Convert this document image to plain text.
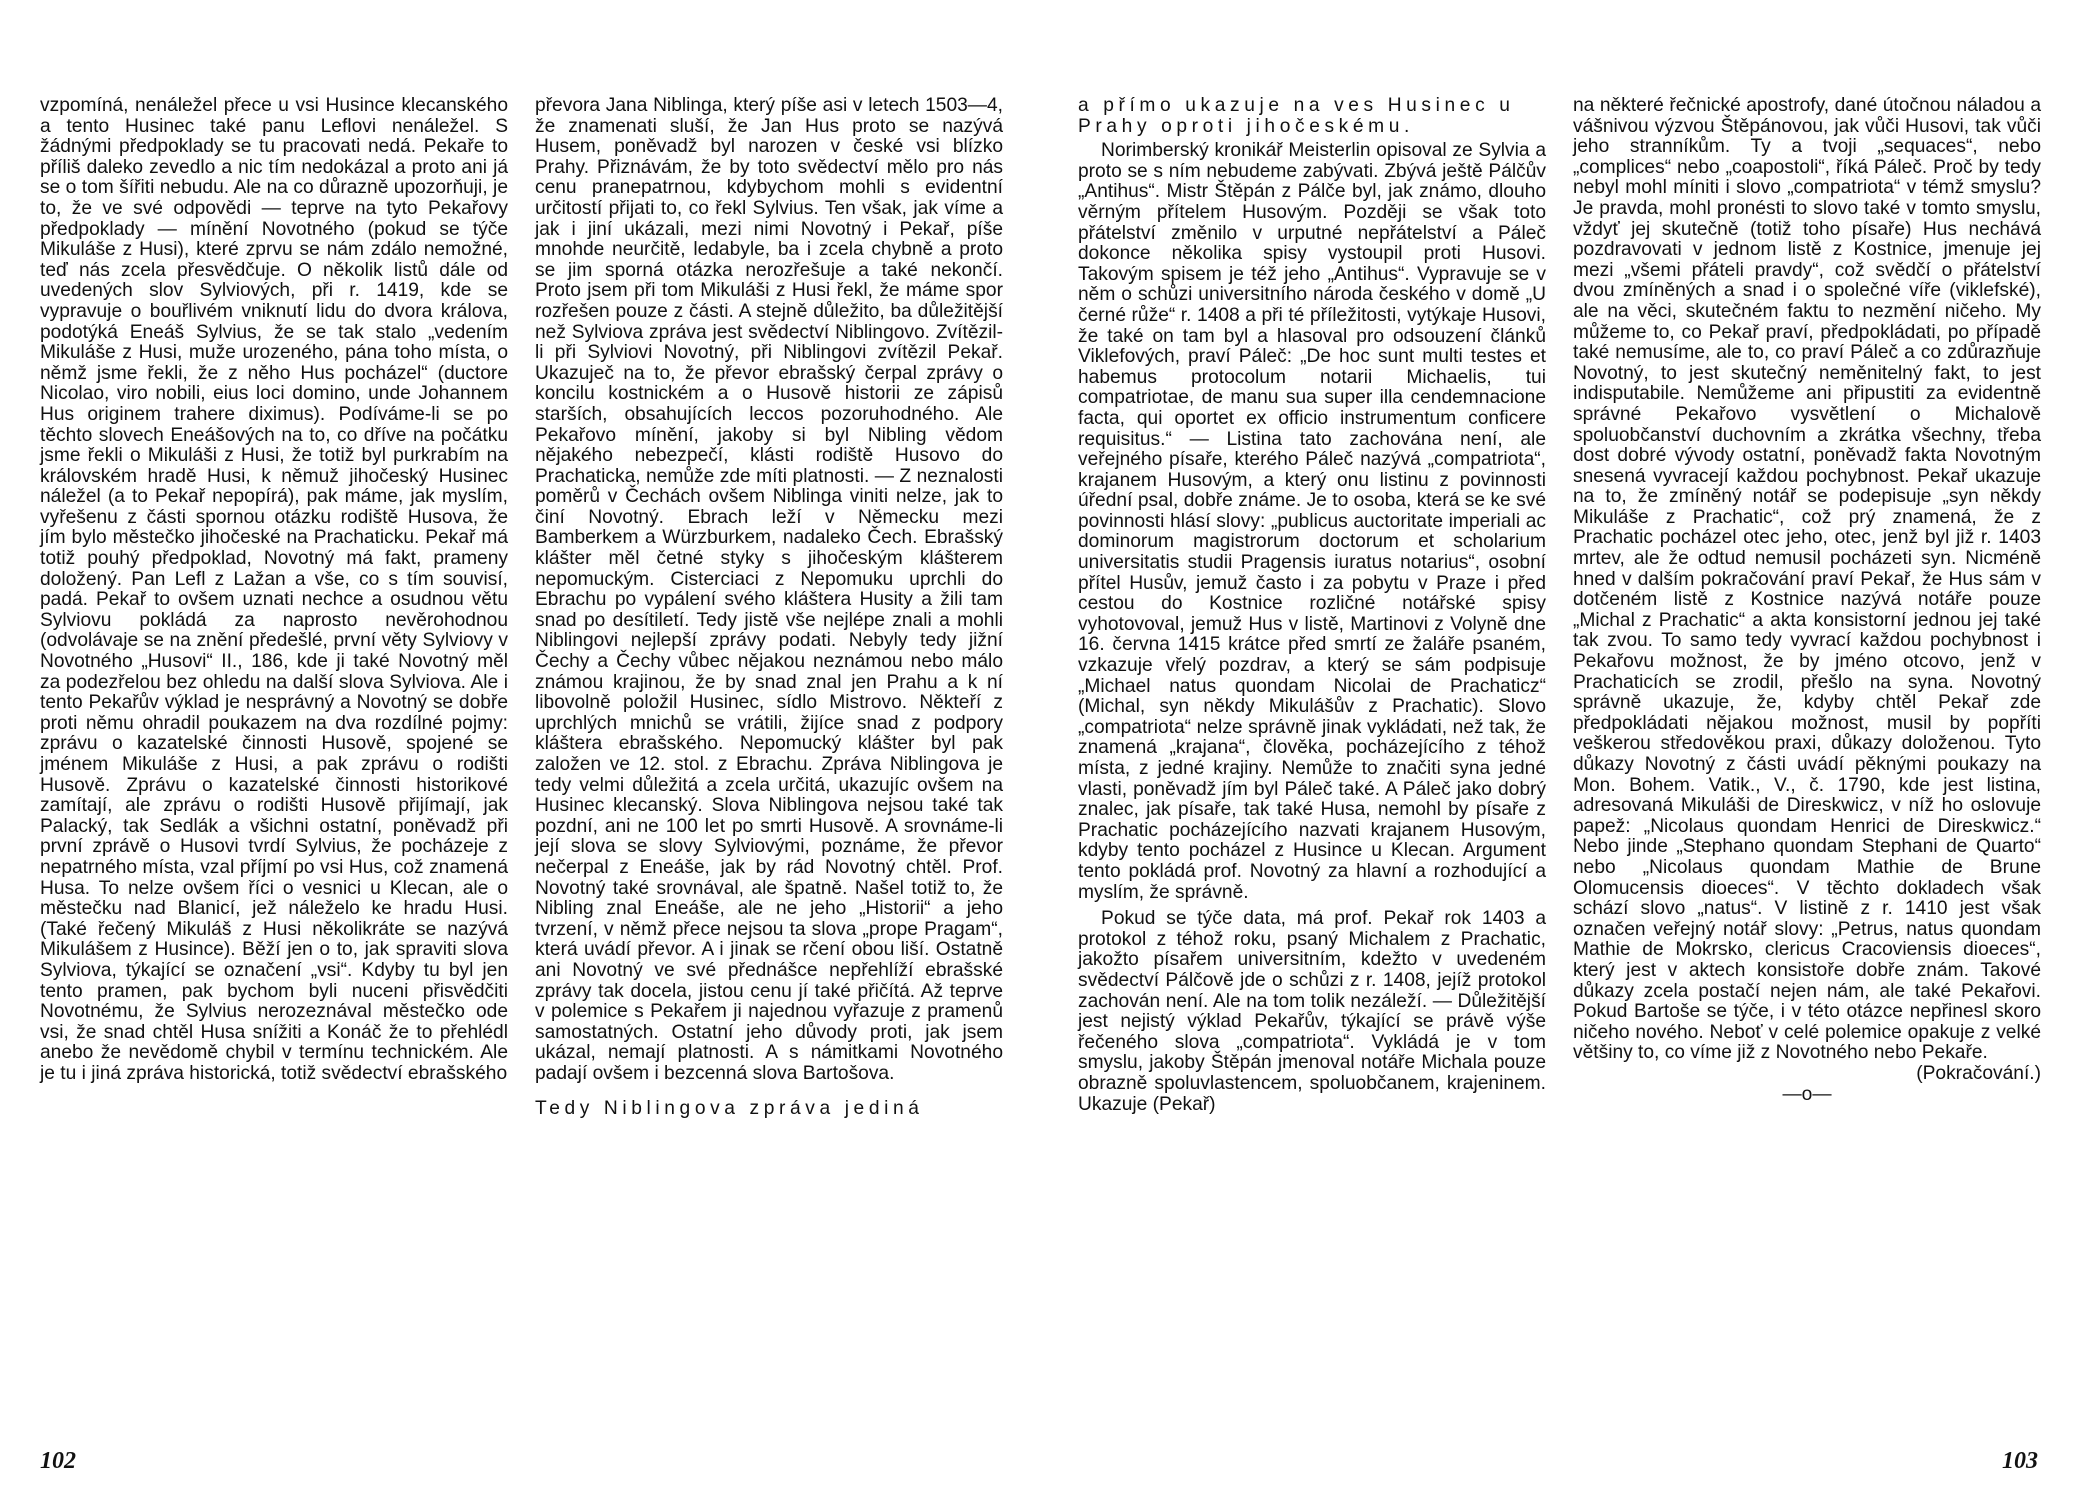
vzpomíná, nenáležel přece u vsi Husince klecanského a tento Husinec také panu Leflovi nenáležel. S žádnými předpoklady se tu pracovati nedá. Pekaře to příliš daleko zevedlo a nic tím nedokázal a proto ani já se o tom šířiti nebudu. Ale na co důrazně upozorňuji, je to, že ve své odpovědi — teprve na tyto Pekařovy předpoklady — mínění Novotného (pokud se týče Mikuláše z Husi), které zprvu se nám zdálo nemožné, teď nás zcela přesvědčuje. O několik listů dále od uvedených slov Sylviových, při r. 1419, kde se vypravuje o bouřlivém vniknutí lidu do dvora králova, podotýká Eneáš Sylvius, že se tak stalo „vedením Mikuláše z Husi, muže urozeného, pána toho místa, o němž jsme řekli, že z něho Hus pocházel“ (ductore Nicolao, viro nobili, eius loci domino, unde Johannem Hus originem trahere diximus). Podíváme-li se po těchto slovech Eneášových na to, co dříve na počátku jsme řekli o Mikuláši z Husi, že totiž byl purkrabím na královském hradě Husi, k němuž jihočeský Husinec náležel (a to Pekař nepopírá), pak máme, jak myslím, vyřešenu z části spornou otázku rodiště Husova, že jím bylo městečko jihočeské na Prachaticku. Pekař má totiž pouhý předpoklad, Novotný má fakt, prameny doložený. Pan Lefl z Lažan a vše, co s tím souvisí, padá. Pekař to ovšem uznati nechce a osudnou větu Sylviovu pokládá za naprosto nevěrohodnou (odvolávaje se na znění předešlé, první věty Sylviovy v Novotného „Husovi“ II., 186, kde ji také Novotný měl za podezřelou bez ohledu na další slova Sylviova. Ale i tento Pekařův výklad je nesprávný a Novotný se dobře proti němu ohradil poukazem na dva rozdílné pojmy: zprávu o kazatelské činnosti Husově, spojené se jménem Mikuláše z Husi, a pak zprávu o rodišti Husově. Zprávu o kazatelské činnosti historikové zamítají, ale zprávu o rodišti Husově přijímají, jak Palacký, tak Sedlák a všichni ostatní, poněvadž při první zprávě o Husovi tvrdí Sylvius, že pocházeje z nepatrného místa, vzal příjmí po vsi Hus, což znamená Husa. To nelze ovšem říci o vesnici u Klecan, ale o městečku nad Blanicí, jež náleželo ke hradu Husi. (Také řečený Mikuláš z Husi několikráte se nazývá Mikulášem z Husince). Běží jen o to, jak spraviti slova Sylviova, týkající se označení „vsi“. Kdyby tu byl jen tento pramen, pak bychom byli nuceni přisvědčiti Novotnému, že Sylvius nerozeznával městečko ode vsi, že snad chtěl Husa snížiti a Konáč že to přehlédl anebo že nevědomě chybil v termínu technickém. Ale je tu i jiná zpráva historická, totiž svědectví ebrašského

převora Jana Niblinga, který píše asi v letech 1503—4, že znamenati sluší, že Jan Hus proto se nazývá Husem, poněvadž byl narozen v české vsi blízko Prahy. Přiznávám, že by toto svědectví mělo pro nás cenu pranepatrnou, kdybychom mohli s evidentní určitostí přijati to, co řekl Sylvius. Ten však, jak víme a jak i jiní ukázali, mezi nimi Novotný i Pekař, píše mnohde neurčitě, ledabyle, ba i zcela chybně a proto se jim sporná otázka nerozřešuje a také nekončí. Proto jsem při tom Mikuláši z Husi řekl, že máme spor rozřešen pouze z části. A stejně důležito, ba důležitější než Sylviova zpráva jest svědectví Niblingovo. Zvítězil-li při Sylviovi Novotný, při Niblingovi zvítězil Pekař. Ukazuječ na to, že převor ebrašský čerpal zprávy o koncilu kostnickém a o Husově historii ze zápisů starších, obsahujících leccos pozoruhodného. Ale Pekařovo mínění, jakoby si byl Nibling vědom nějakého nebezpečí, klásti rodiště Husovo do Prachaticka, nemůže zde míti platnosti. — Z neznalosti poměrů v Čechách ovšem Niblinga viniti nelze, jak to činí Novotný. Ebrach leží v Německu mezi Bamberkem a Würzburkem, nadaleko Čech. Ebrašský klášter měl četné styky s jihočeským klášterem nepomuckým. Cisterciaci z Nepomuku uprchli do Ebrachu po vypálení svého kláštera Husity a žili tam snad po desítiletí. Tedy jistě vše nejlépe znali a mohli Niblingovi nejlepší zprávy podati. Nebyly tedy jižní Čechy a Čechy vůbec nějakou neznámou nebo málo známou krajinou, že by snad znal jen Prahu a k ní libovolně položil Husinec, sídlo Mistrovo. Někteří z uprchlých mnichů se vrátili, žijíce snad z podpory kláštera ebrašského. Nepomucký klášter byl pak založen ve 12. stol. z Ebrachu. Zpráva Niblingova je tedy velmi důležitá a zcela určitá, ukazujíc ovšem na Husinec klecanský. Slova Niblingova nejsou také tak pozdní, ani ne 100 let po smrti Husově. A srovnáme-li její slova se slovy Sylviovými, poznáme, že převor nečerpal z Eneáše, jak by rád Novotný chtěl. Prof. Novotný také srovnával, ale špatně. Našel totiž to, že Nibling znal Eneáše, ale ne jeho „Historii“ a jeho tvrzení, v němž přece nejsou ta slova „prope Pragam“, která uvádí převor. A i jinak se rčení obou liší. Ostatně ani Novotný ve své přednášce nepřehlíží ebrašské zprávy tak docela, jistou cenu jí také přičítá. Až teprve v polemice s Pekařem ji najednou vyřazuje z pramenů samostatných. Ostatní jeho důvody proti, jak jsem ukázal, nemají platnosti. A s námitkami Novotného padají ovšem i bezcenná slova Bartošova.

Tedy Niblingova zpráva jediná

102

a přímo ukazuje na ves Husinec u Prahy oproti jihočeskému.

Norimberský kronikář Meisterlin opisoval ze Sylvia a proto se s ním nebudeme zabývati. Zbývá ještě Pálčův „Antihus“. Mistr Štěpán z Pálče byl, jak známo, dlouho věrným přítelem Husovým. Později se však toto přátelství změnilo v urputné nepřátelství a Páleč dokonce několika spisy vystoupil proti Husovi. Takovým spisem je též jeho „Antihus“. Vypravuje se v něm o schůzi universitního národa českého v domě „U černé růže“ r. 1408 a při té příležitosti, vytýkaje Husovi, že také on tam byl a hlasoval pro odsouzení článků Viklefových, praví Páleč: „De hoc sunt multi testes et habemus protocolum notarii Michaelis, tui compatriotae, de manu sua super illa cendemnacione facta, qui oportet ex officio instrumentum conficere requisitus.“ — Listina tato zachována není, ale veřejného písaře, kterého Páleč nazývá „compatriota“, krajanem Husovým, a který onu listinu z povinnosti úřední psal, dobře známe. Je to osoba, která se ke své povinnosti hlásí slovy: „publicus auctoritate imperiali ac dominorum magistrorum doctorum et scholarium universitatis studii Pragensis iuratus notarius“, osobní přítel Husův, jemuž často i za pobytu v Praze i před cestou do Kostnice rozličné notářské spisy vyhotovoval, jemuž Hus v listě, Martinovi z Volyně dne 16. června 1415 krátce před smrtí ze žaláře psaném, vzkazuje vřelý pozdrav, a který se sám podpisuje „Michael natus quondam Nicolai de Prachaticz“ (Michal, syn někdy Mikulášův z Prachatic). Slovo „compatriota“ nelze správně jinak vykládati, než tak, že znamená „krajana“, člověka, pocházejícího z téhož místa, z jedné krajiny. Nemůže to značiti syna jedné vlasti, poněvadž jím byl Páleč také. A Páleč jako dobrý znalec, jak písaře, tak také Husa, nemohl by písaře z Prachatic pocházejícího nazvati krajanem Husovým, kdyby tento pocházel z Husince u Klecan. Argument tento pokládá prof. Novotný za hlavní a rozhodující a myslím, že správně.

Pokud se týče data, má prof. Pekař rok 1403 a protokol z téhož roku, psaný Michalem z Prachatic, jakožto písařem universitním, kdežto v uvedeném svědectví Pálčově jde o schůzi z r. 1408, jejíž protokol zachován není. Ale na tom tolik nezáleží. — Důležitější jest nejistý výklad Pekařův, týkající se právě výše řečeného slova „compatriota“. Vykládá je v tom smyslu, jakoby Štěpán jmenoval notáře Michala pouze obrazně spoluvlastencem, spoluobčanem, krajeninem. Ukazuje (Pekař)

na některé řečnické apostrofy, dané útočnou náladou a vášnivou výzvou Štěpánovou, jak vůči Husovi, tak vůči jeho stranníkům. Ty a tvoji „sequaces“, nebo „complices“ nebo „coapostoli“, říká Páleč. Proč by tedy nebyl mohl míniti i slovo „compatriota“ v témž smyslu? Je pravda, mohl pronésti to slovo také v tomto smyslu, vždyť jej skutečně (totiž toho písaře) Hus nechává pozdravovati v jednom listě z Kostnice, jmenuje jej mezi „všemi přáteli pravdy“, což svědčí o přátelství dvou zmíněných a snad i o společné víře (viklefské), ale na věci, skutečném faktu to nezmění ničeho. My můžeme to, co Pekař praví, předpokládati, po případě také nemusíme, ale to, co praví Páleč a co zdůrazňuje Novotný, to jest skutečný neměnitelný fakt, to jest indisputabile. Nemůžeme ani připustiti za evidentně správné Pekařovo vysvětlení o Michalově spoluobčanství duchovním a zkrátka všechny, třeba dost dobré vývody ostatní, poněvadž fakta Novotným snesená vyvracejí každou pochybnost. Pekař ukazuje na to, že zmíněný notář se podepisuje „syn někdy Mikuláše z Prachatic“, což prý znamená, že z Prachatic pocházel otec jeho, otec, jenž byl již r. 1403 mrtev, ale že odtud nemusil pocházeti syn. Nicméně hned v dalším pokračování praví Pekař, že Hus sám v dotčeném listě z Kostnice nazývá notáře pouze „Michal z Prachatic“ a akta konsistorní jednou jej také tak zvou. To samo tedy vyvrací každou pochybnost i Pekařovu možnost, že by jméno otcovo, jenž v Prachaticích se zrodil, přešlo na syna. Novotný správně ukazuje, že, kdyby chtěl Pekař zde předpokládati nějakou možnost, musil by popříti veškerou středověkou praxi, důkazy doloženou. Tyto důkazy Novotný z části uvádí pěknými poukazy na Mon. Bohem. Vatik., V., č. 1790, kde jest listina, adresovaná Mikuláši de Direskwicz, v níž ho oslovuje papež: „Nicolaus quondam Henrici de Direskwicz.“ Nebo jinde „Stephano quondam Stephani de Quarto“ nebo „Nicolaus quondam Mathie de Brune Olomucensis dioeces“. V těchto dokladech však schází slovo „natus“. V listině z r. 1410 jest však označen veřejný notář slovy: „Petrus, natus quondam Mathie de Mokrsko, clericus Cracoviensis dioeces“, který jest v aktech konsistoře dobře znám. Takové důkazy zcela postačí nejen nám, ale také Pekařovi. Pokud Bartoše se týče, i v této otázce nepřinesl skoro ničeho nového. Neboť v celé polemice opakuje z velké většiny to, co víme již z Novotného nebo Pekaře.

(Pokračování.)

—o—

103
